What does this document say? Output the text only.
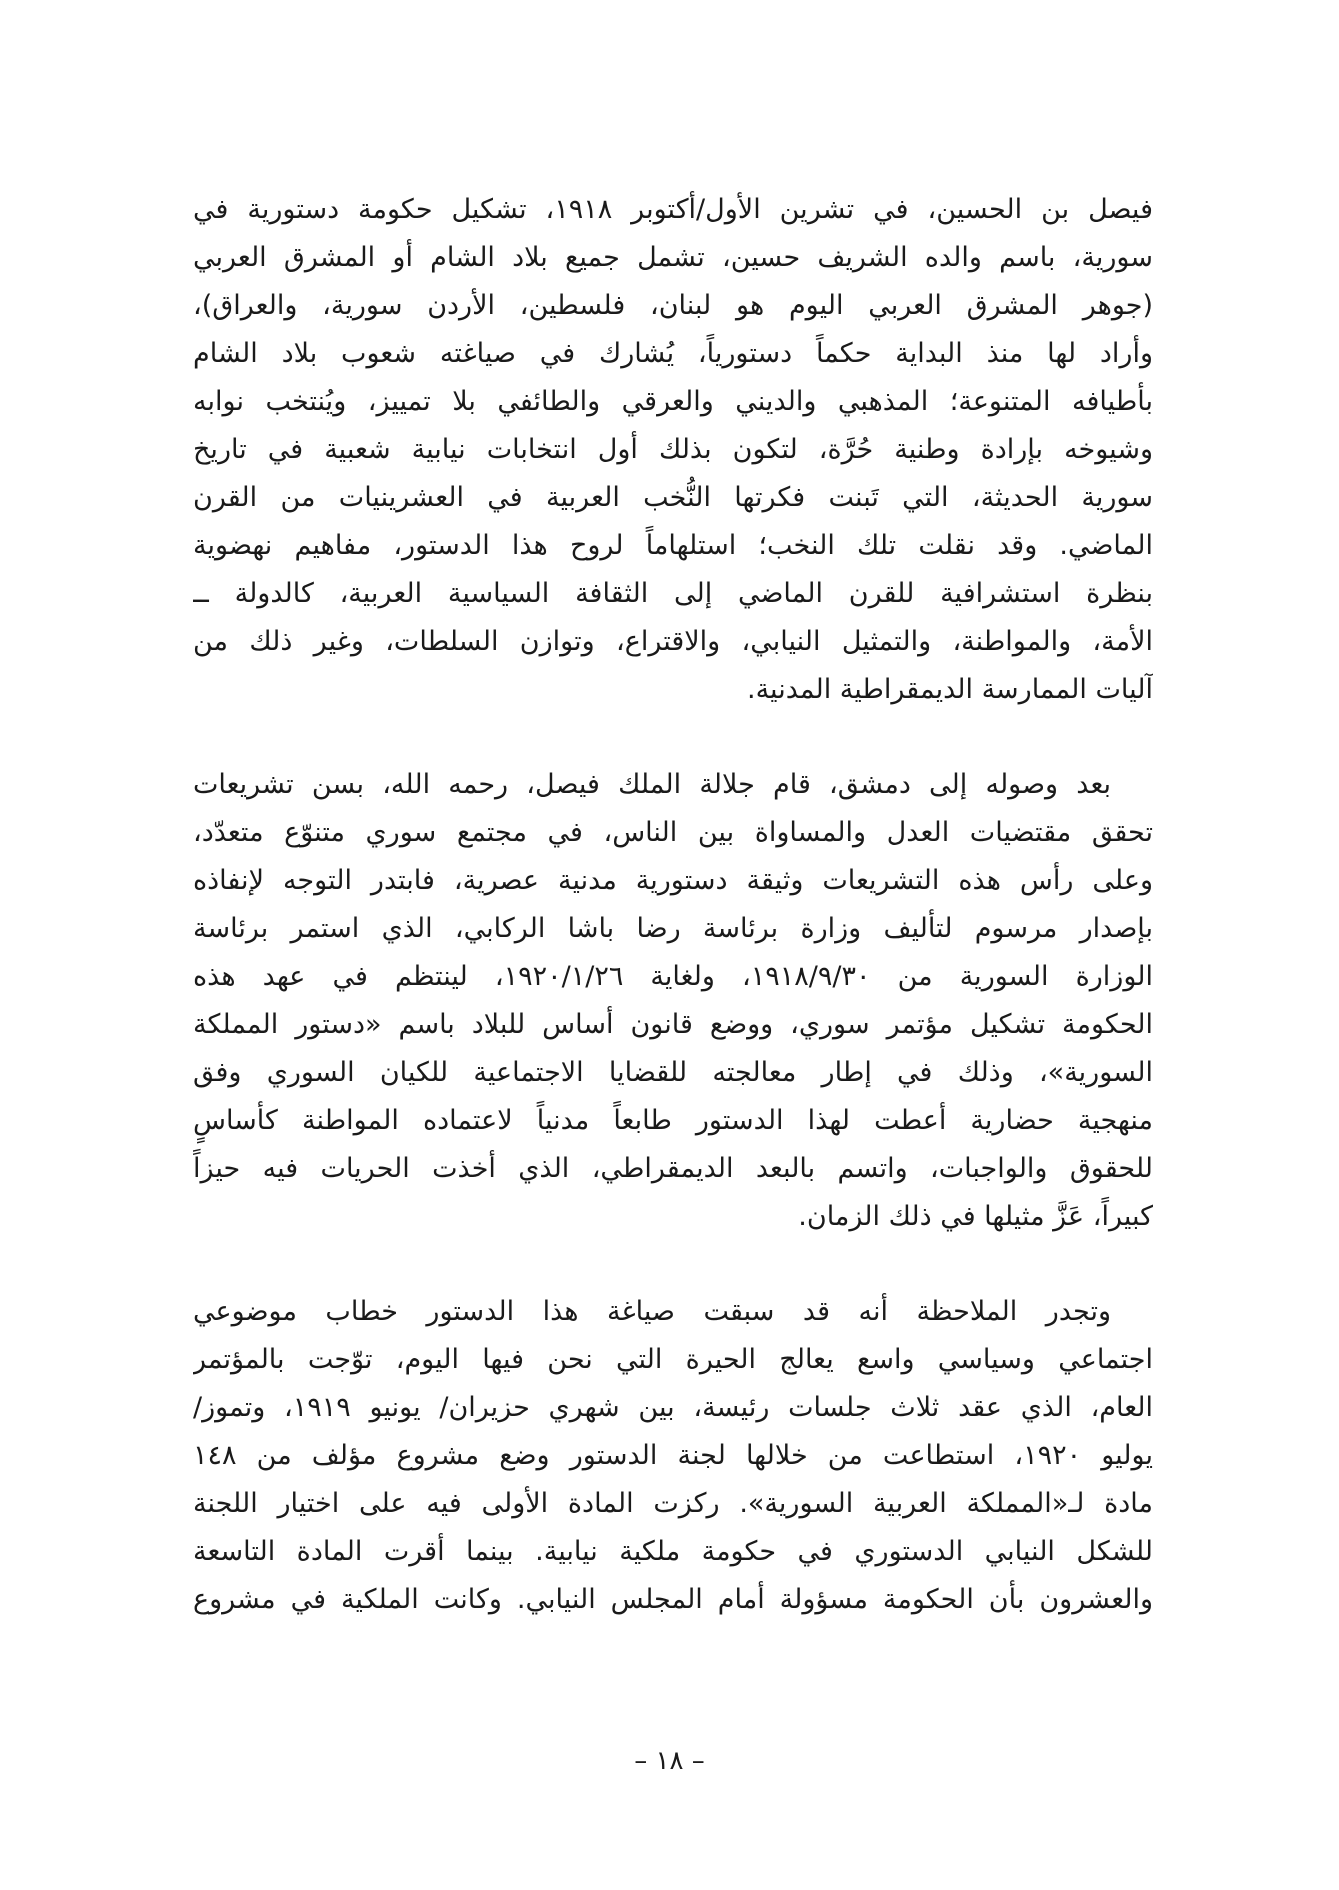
فيصل بن الحسين، في تشرين الأول/أكتوبر ١٩١٨، تشكيل حكومة دستورية في
سورية، باسم والده الشريف حسين، تشمل جميع بلاد الشام أو المشرق العربي
(جوهر المشرق العربي اليوم هو لبنان، فلسطين، الأردن سورية، والعراق)،
وأراد لها منذ البداية حكماً دستورياً، يُشارك في صياغته شعوب بلاد الشام
بأطيافه المتنوعة؛ المذهبي والديني والعرقي والطائفي بلا تمييز، ويُنتخب نوابه
وشيوخه بإرادة وطنية حُرَّة، لتكون بذلك أول انتخابات نيابية شعبية في تاريخ
سورية الحديثة، التي تَبنت فكرتها النُّخب العربية في العشرينيات من القرن
الماضي. وقد نقلت تلك النخب؛ استلهاماً لروح هذا الدستور، مفاهيم نهضوية
بنظرة استشرافية للقرن الماضي إلى الثقافة السياسية العربية، كالدولة ــ
الأمة، والمواطنة، والتمثيل النيابي، والاقتراع، وتوازن السلطات، وغير ذلك من
آليات الممارسة الديمقراطية المدنية.
بعد وصوله إلى دمشق، قام جلالة الملك فيصل، رحمه الله، بسن تشريعات
تحقق مقتضيات العدل والمساواة بين الناس، في مجتمع سوري متنوّع متعدّد،
وعلى رأس هذه التشريعات وثيقة دستورية مدنية عصرية، فابتدر التوجه لإنفاذه
بإصدار مرسوم لتأليف وزارة برئاسة رضا باشا الركابي، الذي استمر برئاسة
الوزارة السورية من ١٩١٨/٩/٣٠، ولغاية ١٩٢٠/١/٢٦، لينتظم في عهد هذه
الحكومة تشكيل مؤتمر سوري، ووضع قانون أساس للبلاد باسم «دستور المملكة
السورية»، وذلك في إطار معالجته للقضايا الاجتماعية للكيان السوري وفق
منهجية حضارية أعطت لهذا الدستور طابعاً مدنياً لاعتماده المواطنة كأساسٍ
للحقوق والواجبات، واتسم بالبعد الديمقراطي، الذي أخذت الحريات فيه حيزاً
كبيراً، عَزَّ مثيلها في ذلك الزمان.
وتجدر الملاحظة أنه قد سبقت صياغة هذا الدستور خطاب موضوعي
اجتماعي وسياسي واسع يعالج الحيرة التي نحن فيها اليوم، توّجت بالمؤتمر
العام، الذي عقد ثلاث جلسات رئيسة، بين شهري حزيران/ يونيو ١٩١٩، وتموز/
يوليو ١٩٢٠، استطاعت من خلالها لجنة الدستور وضع مشروع مؤلف من ١٤٨
مادة لـ«المملكة العربية السورية». ركزت المادة الأولى فيه على اختيار اللجنة
للشكل النيابي الدستوري في حكومة ملكية نيابية. بينما أقرت المادة التاسعة
والعشرون بأن الحكومة مسؤولة أمام المجلس النيابي. وكانت الملكية في مشروع
– ١٨ –
